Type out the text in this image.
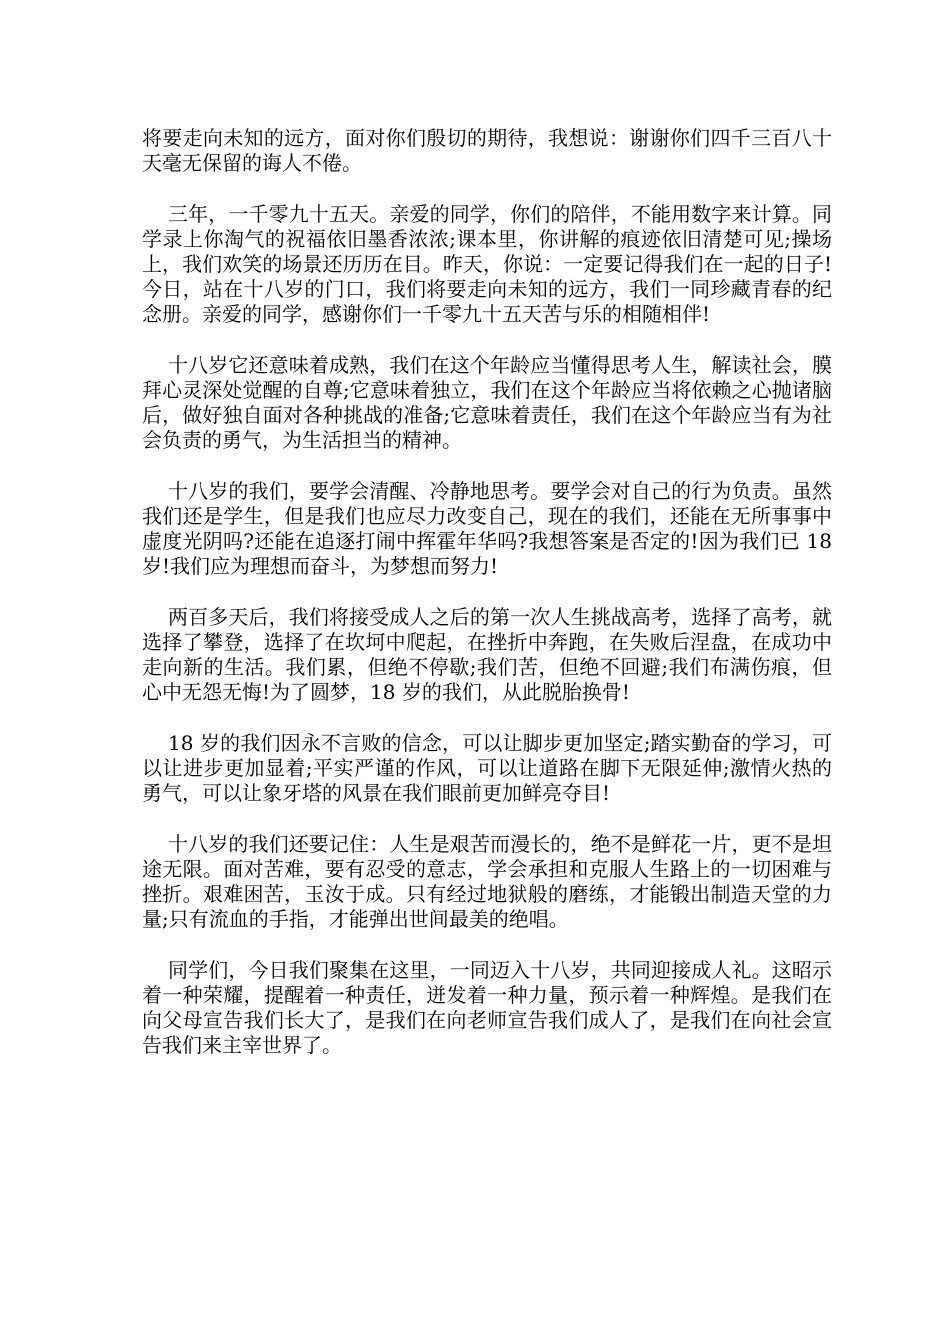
将要走向未知的远方，面对你们殷切的期待，我想说：谢谢你们四千三百八十天毫无保留的诲人不倦。

三年，一千零九十五天。亲爱的同学，你们的陪伴，不能用数字来计算。同学录上你淘气的祝福依旧墨香浓浓;课本里，你讲解的痕迹依旧清楚可见;操场上，我们欢笑的场景还历历在目。昨天，你说：一定要记得我们在一起的日子!今日，站在十八岁的门口，我们将要走向未知的远方，我们一同珍藏青春的纪念册。亲爱的同学，感谢你们一千零九十五天苦与乐的相随相伴!

十八岁它还意味着成熟，我们在这个年龄应当懂得思考人生，解读社会，膜拜心灵深处觉醒的自尊;它意味着独立，我们在这个年龄应当将依赖之心抛诸脑后，做好独自面对各种挑战的准备;它意味着责任，我们在这个年龄应当有为社会负责的勇气，为生活担当的精神。

十八岁的我们，要学会清醒、冷静地思考。要学会对自己的行为负责。虽然我们还是学生，但是我们也应尽力改变自己，现在的我们，还能在无所事事中虚度光阴吗?还能在追逐打闹中挥霍年华吗?我想答案是否定的!因为我们已 18 岁!我们应为理想而奋斗，为梦想而努力!

两百多天后，我们将接受成人之后的第一次人生挑战高考，选择了高考，就选择了攀登，选择了在坎坷中爬起，在挫折中奔跑，在失败后涅盘，在成功中走向新的生活。我们累，但绝不停歇;我们苦，但绝不回避;我们布满伤痕，但心中无怨无悔!为了圆梦，18 岁的我们，从此脱胎换骨!

18 岁的我们因永不言败的信念，可以让脚步更加坚定;踏实勤奋的学习，可以让进步更加显着;平实严谨的作风，可以让道路在脚下无限延伸;激情火热的勇气，可以让象牙塔的风景在我们眼前更加鲜亮夺目!

十八岁的我们还要记住：人生是艰苦而漫长的，绝不是鲜花一片，更不是坦途无限。面对苦难，要有忍受的意志，学会承担和克服人生路上的一切困难与挫折。艰难困苦，玉汝于成。只有经过地狱般的磨练，才能锻出制造天堂的力量;只有流血的手指，才能弹出世间最美的绝唱。

同学们，今日我们聚集在这里，一同迈入十八岁，共同迎接成人礼。这昭示着一种荣耀，提醒着一种责任，迸发着一种力量，预示着一种辉煌。是我们在向父母宣告我们长大了，是我们在向老师宣告我们成人了，是我们在向社会宣告我们来主宰世界了。
